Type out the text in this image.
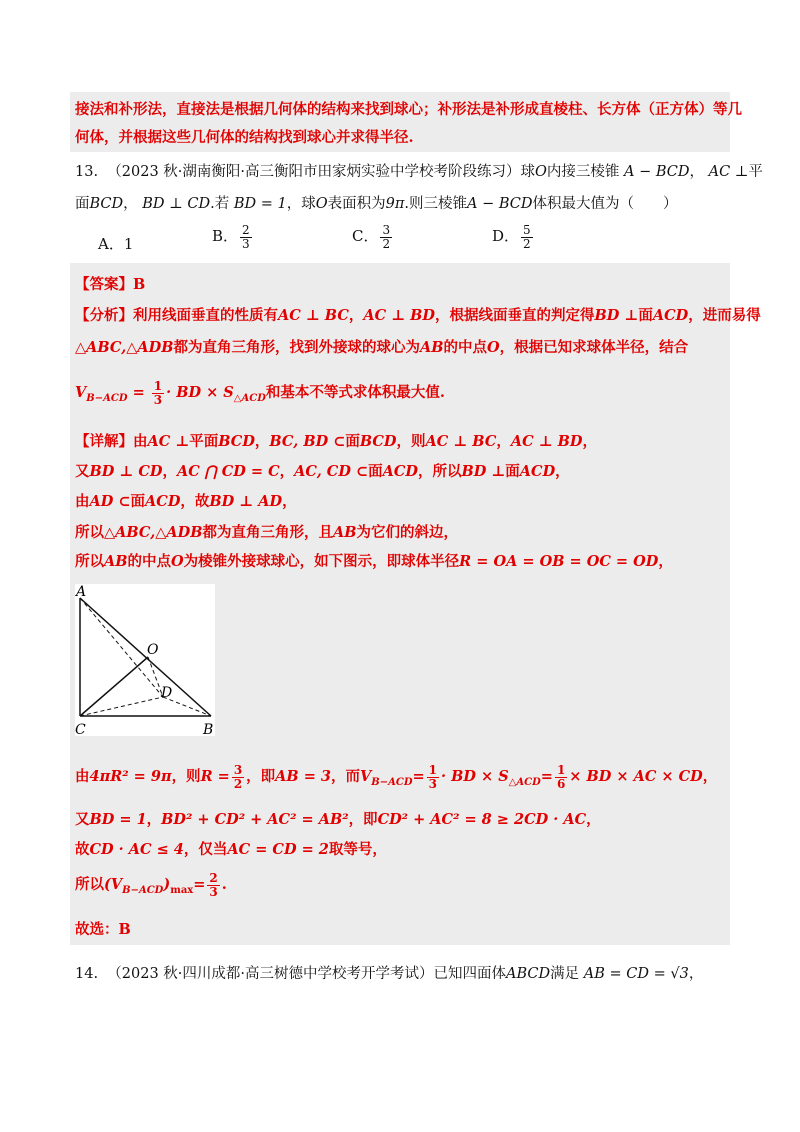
接法和补形法，直接法是根据几何体的结构来找到球心；补形法是补形成直棱柱、长方体（正方体）等几
何体，并根据这些几何体的结构找到球心并求得半径.
13. （2023 秋·湖南衡阳·高三衡阳市田家炳实验中学校考阶段练习）球O内接三棱锥 A − BCD， AC ⊥平
面BCD， BD ⊥ CD.若 BD = 1，球O表面积为9π.则三棱锥A − BCD体积最大值为（　　）
A．1	B． $\frac{2}{3}$	C． $\frac{3}{2}$	D． $\frac{5}{2}$
【答案】B
【分析】利用线面垂直的性质有AC ⊥ BC，AC ⊥ BD，根据线面垂直的判定得BD ⊥面ACD，进而易得
△ABC,△ADB都为直角三角形，找到外接球的球心为AB的中点O，根据已知求球体半径，结合
$V_{B-ACD} = \frac{1}{3}$ · BD × $S_{\triangle ACD}$和基本不等式求体积最大值.
【详解】由AC ⊥平面BCD，BC, BD ⊂面BCD，则AC ⊥ BC，AC ⊥ BD，
又BD ⊥ CD，AC ⋂ CD = C，AC, CD ⊂面ACD，所以BD ⊥面ACD，
由AD ⊂面ACD，故BD ⊥ AD，
所以△ABC,△ADB都为直角三角形，且AB为它们的斜边，
所以AB的中点O为棱锥外接球球心，如下图示，即球体半径R = OA = OB = OC = OD，
A
B
C
D
O
由4πR² = 9π，则$R = \frac{3}{2}$ ，即AB = 3，而$V_{B-ACD}= \frac{1}{3}$ · BD × $S_{\triangle ACD}= \frac{1}{6}$ × BD × AC × CD，
又BD = 1，BD² + CD² + AC² = AB²，即CD² + AC² = 8 ≥ 2CD · AC，
故CD · AC ≤ 4，仅当AC = CD = 2取等号，
所以$(V_{B-ACD})_{max}= \frac{2}{3}$ .
故选：B
14. （2023 秋·四川成都·高三树德中学校考开学考试）已知四面体ABCD满足 AB = CD = √3，
